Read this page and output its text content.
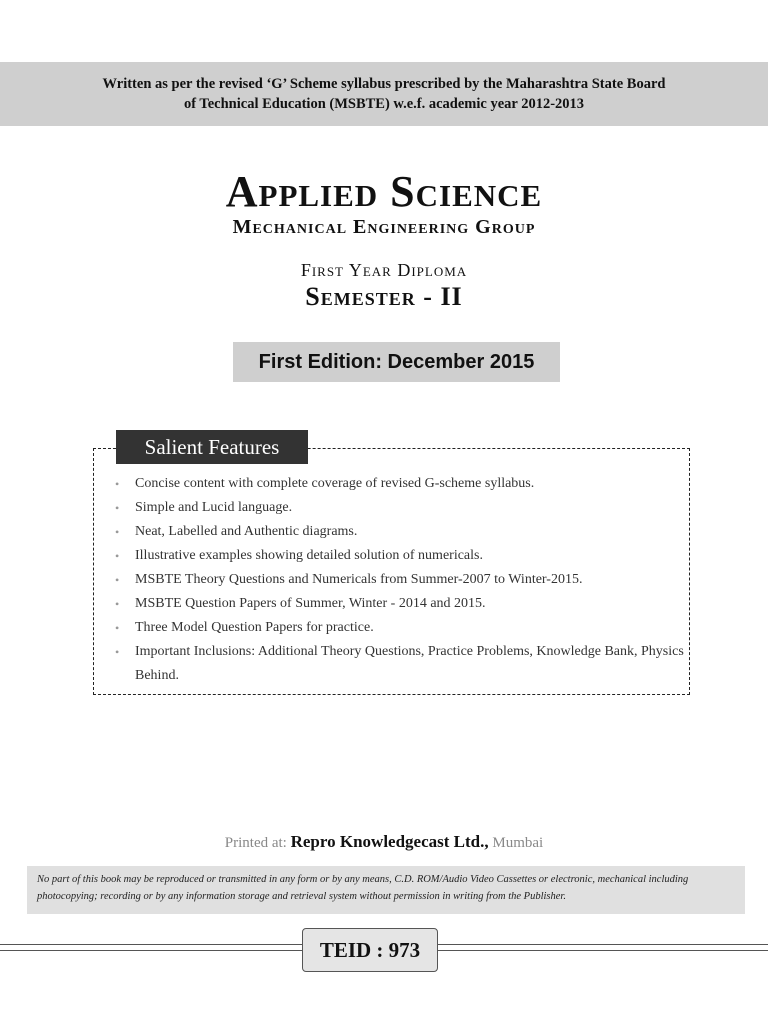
Written as per the revised ‘G’ Scheme syllabus prescribed by the Maharashtra State Board
of Technical Education (MSBTE) w.e.f. academic year 2012-2013
Applied Science
Mechanical Engineering Group
First Year Diploma
Semester - II
First Edition: December 2015
Salient Features
• Concise content with complete coverage of revised G-scheme syllabus.
• Simple and Lucid language.
• Neat, Labelled and Authentic diagrams.
• Illustrative examples showing detailed solution of numericals.
• MSBTE Theory Questions and Numericals from Summer-2007 to Winter-2015.
• MSBTE Question Papers of Summer, Winter - 2014 and 2015.
• Three Model Question Papers for practice.
• Important Inclusions: Additional Theory Questions, Practice Problems, Knowledge Bank, Physics Behind.
Printed at: Repro Knowledgecast Ltd., Mumbai
No part of this book may be reproduced or transmitted in any form or by any means, C.D. ROM/Audio Video Cassettes or electronic, mechanical including photocopying; recording or by any information storage and retrieval system without permission in writing from the Publisher.
TEID : 973
